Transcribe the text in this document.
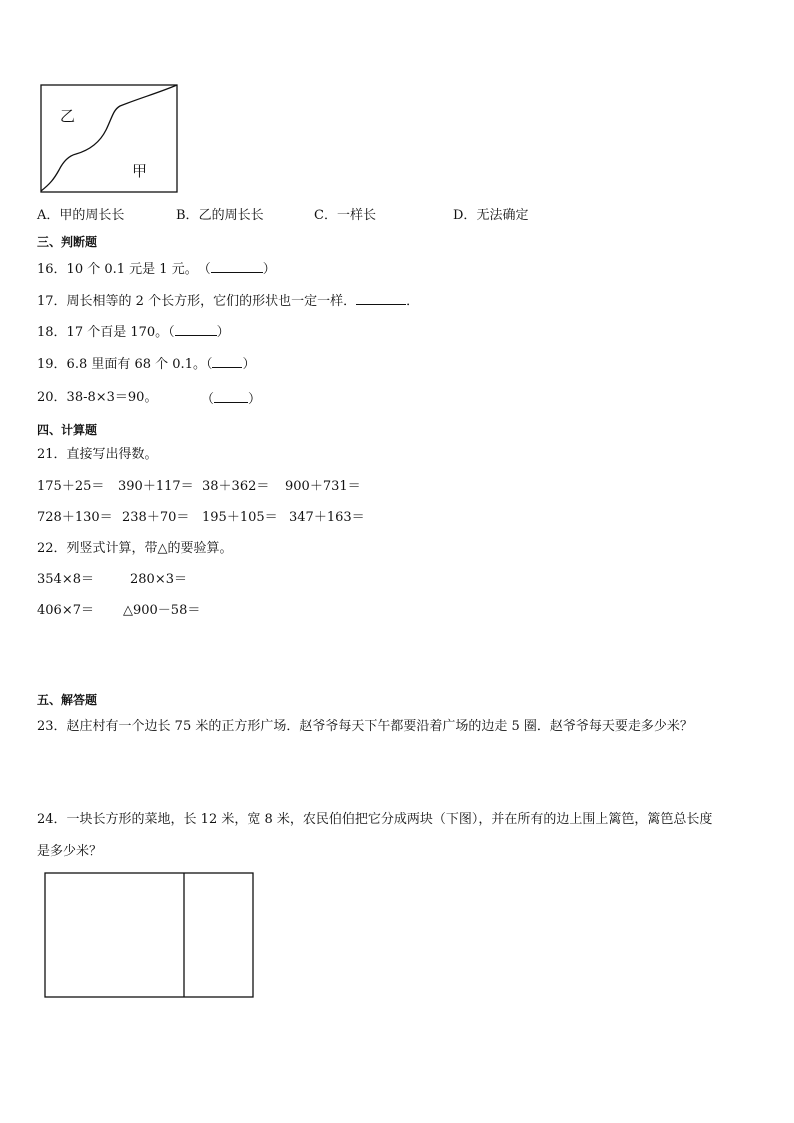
乙
甲
A．甲的周长长	B．乙的周长长	C．一样长	D．无法确定
三、判断题
16．10 个 0.1 元是 1 元。　（	）
17．周长相等的 2 个长方形，它们的形状也一定一样．	．
18．17 个百是 170。（	）
19．6.8 里面有 68 个 0.1。（ ）
20．38-8×3＝90。	（	）
四、计算题
21．直接写出得数。
175＋25＝ 390＋117＝ 38＋362＝ 900＋731＝
728＋130＝ 238＋70＝ 195＋105＝ 347＋163＝
22．列竖式计算，带△的要验算。
354×8＝	280×3＝
406×7＝ △900－58＝
五、解答题
23．赵庄村有一个边长 75 米的正方形广场．赵爷爷每天下午都要沿着广场的边走 5 圈．赵爷爷每天要走多少米？
24．一块长方形的菜地，长 12 米，宽 8 米，农民伯伯把它分成两块（下图），并在所有的边上围上篱笆，篱笆总长度
是多少米？
